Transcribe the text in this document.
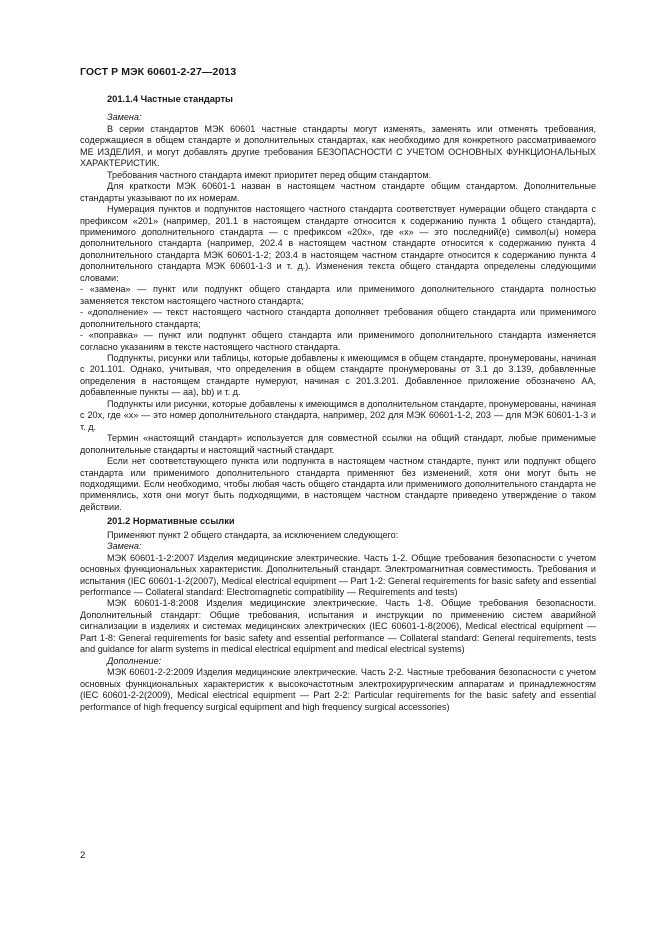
ГОСТ Р МЭК 60601-2-27—2013
201.1.4 Частные стандарты

Замена:

В серии стандартов МЭК 60601 частные стандарты могут изменять, заменять или отменять требования, содержащиеся в общем стандарте и дополнительных стандартах, как необходимо для конкретного рассматриваемого МЕ ИЗДЕЛИЯ, и могут добавлять другие требования БЕЗОПАСНОСТИ С УЧЕТОМ ОСНОВНЫХ ФУНКЦИОНАЛЬНЫХ ХАРАКТЕРИСТИК.

Требования частного стандарта имеют приоритет перед общим стандартом.

Для краткости МЭК 60601-1 назван в настоящем частном стандарте общим стандартом. Дополнительные стандарты указывают по их номерам.

Нумерация пунктов и подпунктов настоящего частного стандарта соответствует нумерации общего стандарта с префиксом «201» (например, 201.1 в настоящем стандарте относится к содержанию пункта 1 общего стандарта), применимого дополнительного стандарта — с префиксом «20х», где «х» — это последний(е) символ(ы) номера дополнительного стандарта (например, 202.4 в настоящем частном стандарте относится к содержанию пункта 4 дополнительного стандарта МЭК 60601-1-2; 203.4 в настоящем частном стандарте относится к содержанию пункта 4 дополнительного стандарта МЭК 60601-1-3 и т. д.). Изменения текста общего стандарта определены следующими словами:

- «замена» — пункт или подпункт общего стандарта или применимого дополнительного стандарта полностью заменяется текстом настоящего частного стандарта;

- «дополнение» — текст настоящего частного стандарта дополняет требования общего стандарта или применимого дополнительного стандарта;

- «поправка» — пункт или подпункт общего стандарта или применимого дополнительного стандарта изменяется согласно указаниям в тексте настоящего частного стандарта.

Подпункты, рисунки или таблицы, которые добавлены к имеющимся в общем стандарте, пронумерованы, начиная с 201.101. Однако, учитывая, что определения в общем стандарте пронумерованы от 3.1 до 3.139, добавленные определения в настоящем стандарте нумеруют, начиная с 201.3.201. Добавленное приложение обозначено АА, добавленные пункты — аа), bb) и т. д.

Подпункты или рисунки, которые добавлены к имеющимся в дополнительном стандарте, пронумерованы, начиная с 20x, где «x» — это номер дополнительного стандарта, например, 202 для МЭК 60601-1-2, 203 — для МЭК 60601-1-3 и т. д.

Термин «настоящий стандарт» используется для совместной ссылки на общий стандарт, любые применимые дополнительные стандарты и настоящий частный стандарт.

Если нет соответствующего пункта или подпункта в настоящем частном стандарте, пункт или подпункт общего стандарта или применимого дополнительного стандарта применяют без изменений, хотя они могут быть не подходящими. Если необходимо, чтобы любая часть общего стандарта или применимого дополнительного стандарта не применялись, хотя они могут быть подходящими, в настоящем частном стандарте приведено утверждение о таком действии.

201.2 Нормативные ссылки

Применяют пункт 2 общего стандарта, за исключением следующего:

Замена:

МЭК 60601-1-2:2007 Изделия медицинские электрические. Часть 1-2. Общие требования безопасности с учетом основных функциональных характеристик. Дополнительный стандарт. Электромагнитная совместимость. Требования и испытания (IEC 60601-1-2(2007), Medical electrical equipment — Part 1-2: General requirements for basic safety and essential performance — Collateral standard: Electromagnetic compatibility — Requirements and tests)

МЭК 60601-1-8:2008 Изделия медицинские электрические. Часть 1-8. Общие требования безопасности. Дополнительный стандарт: Общие требования, испытания и инструкции по применению систем аварийной сигнализации в изделиях и системах медицинских электрических (IEC 60601-1-8(2006), Medical electrical equipment — Part 1-8: General requirements for basic safety and essential performance — Collateral standard: General requirements, tests and guidance for alarm systems in medical electrical equipment and medical electrical systems)

Дополнение:

МЭК 60601-2-2:2009 Изделия медицинские электрические. Часть 2-2. Частные требования безопасности с учетом основных функциональных характеристик к высокочастотным электрохирургическим аппаратам и принадлежностям (IEC 60601-2-2(2009), Medical electrical equipment — Part 2-2: Particular requirements for the basic safety and essential performance of high frequency surgical equipment and high frequency surgical accessories)

2
